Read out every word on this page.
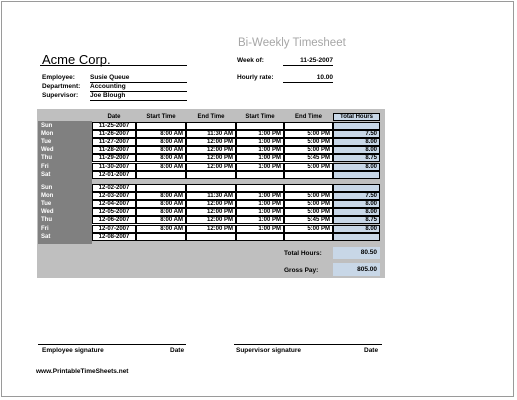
Acme Corp.
Bi-Weekly Timesheet
Employee: Susie Queue
Department: Accounting
Supervisor: Joe Blough
Week of:	11-25-2007
Hourly rate:	10.00
Date	Start Time	End Time	Start Time	End Time	Total Hours
Sun	11-25-2007
Mon	11-26-2007	8:00 AM	11:30 AM	1:00 PM	5:00 PM	7.50
Tue	11-27-2007	8:00 AM	12:00 PM	1:00 PM	5:00 PM	8.00
Wed	11-28-2007	8:00 AM	12:00 PM	1:00 PM	5:00 PM	8.00
Thu	11-29-2007	8:00 AM	12:00 PM	1:00 PM	5:45 PM	8.75
Fri	11-30-2007	8:00 AM	12:00 PM	1:00 PM	5:00 PM	8.00
Sat	12-01-2007
Sun	12-02-2007
Mon	12-03-2007	8:00 AM	11:30 AM	1:00 PM	5:00 PM	7.50
Tue	12-04-2007	8:00 AM	12:00 PM	1:00 PM	5:00 PM	8.00
Wed	12-05-2007	8:00 AM	12:00 PM	1:00 PM	5:00 PM	8.00
Thu	12-06-2007	8:00 AM	12:00 PM	1:00 PM	5:45 PM	8.75
Fri	12-07-2007	8:00 AM	12:00 PM	1:00 PM	5:00 PM	8.00
Sat	12-08-2007
Total Hours:	80.50
Gross Pay:	805.00
Employee signature	Date	Supervisor signature	Date
www.PrintableTimeSheets.net
